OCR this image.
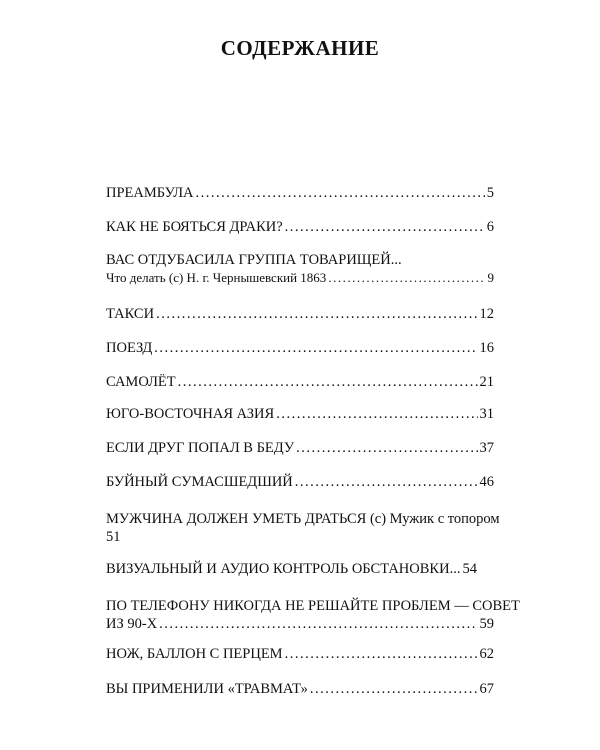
СОДЕРЖАНИЕ
ПРЕАМБУЛА .....	5
КАК НЕ БОЯТЬСЯ ДРАКИ? .....	6
ВАС ОТДУБАСИЛА ГРУППА ТОВАРИЩЕЙ...
Что делать (с) Н. г. Чернышевский 1863 .....	9
ТАКСИ .....	12
ПОЕЗД .....	16
САМОЛЁТ .....	21
ЮГО-ВОСТОЧНАЯ АЗИЯ .....	31
ЕСЛИ ДРУГ ПОПАЛ В БЕДУ .....	37
БУЙНЫЙ СУМАСШЕДШИЙ .....	46
МУЖЧИНА ДОЛЖЕН УМЕТЬ ДРАТЬСЯ (с) Мужик с топором
51
ВИЗУАЛЬНЫЙ И АУДИО КОНТРОЛЬ ОБСТАНОВКИ... 54
ПО ТЕЛЕФОНУ НИКОГДА НЕ РЕШАЙТЕ ПРОБЛЕМ — СОВЕТ
ИЗ 90-Х .....	59
НОЖ, БАЛЛОН С ПЕРЦЕМ .....	62
ВЫ ПРИМЕНИЛИ «ТРАВМАТ» .....	67
